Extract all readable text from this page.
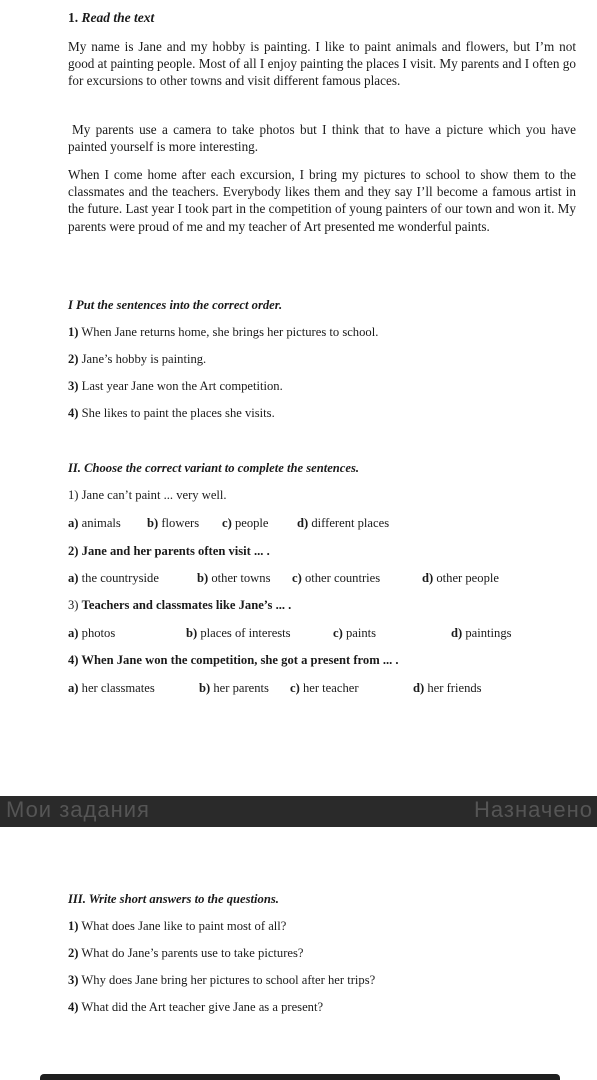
1. Read the text
My name is Jane and my hobby is painting. I like to paint animals and flowers, but I’m not good at painting people. Most of all I enjoy painting the places I visit. My parents and I often go for excursions to other towns and visit different famous places.
My parents use a camera to take photos but I think that to have a picture which you have painted yourself is more interesting.
When I come home after each excursion, I bring my pictures to school to show them to the classmates and the teachers. Everybody likes them and they say I’ll become a famous artist in the future. Last year I took part in the competition of young painters of our town and won it. My parents were proud of me and my teacher of Art presented me wonderful paints.
I Put the sentences into the correct order.
1) When Jane returns home, she brings her pictures to school.
2) Jane’s hobby is painting.
3) Last year Jane won the Art competition.
4) She likes to paint the places she visits.
II. Choose the correct variant to complete the sentences.
1) Jane can’t paint ... very well.
a) animals b) flowers c) people d) different places
2) Jane and her parents often visit ... .
a) the countryside	b) other towns c) other countries	d) other people
3) Teachers and classmates like Jane’s ... .
a) photos	b) places of interests	c) paints	d) paintings
4) When Jane won the competition, she got a present from ... .
a) her classmates	b) her parents c) her teacher	d) her friends
Мои задания	Назначено
III. Write short answers to the questions.
1) What does Jane like to paint most of all?
2) What do Jane’s parents use to take pictures?
3) Why does Jane bring her pictures to school after her trips?
4) What did the Art teacher give Jane as a present?
